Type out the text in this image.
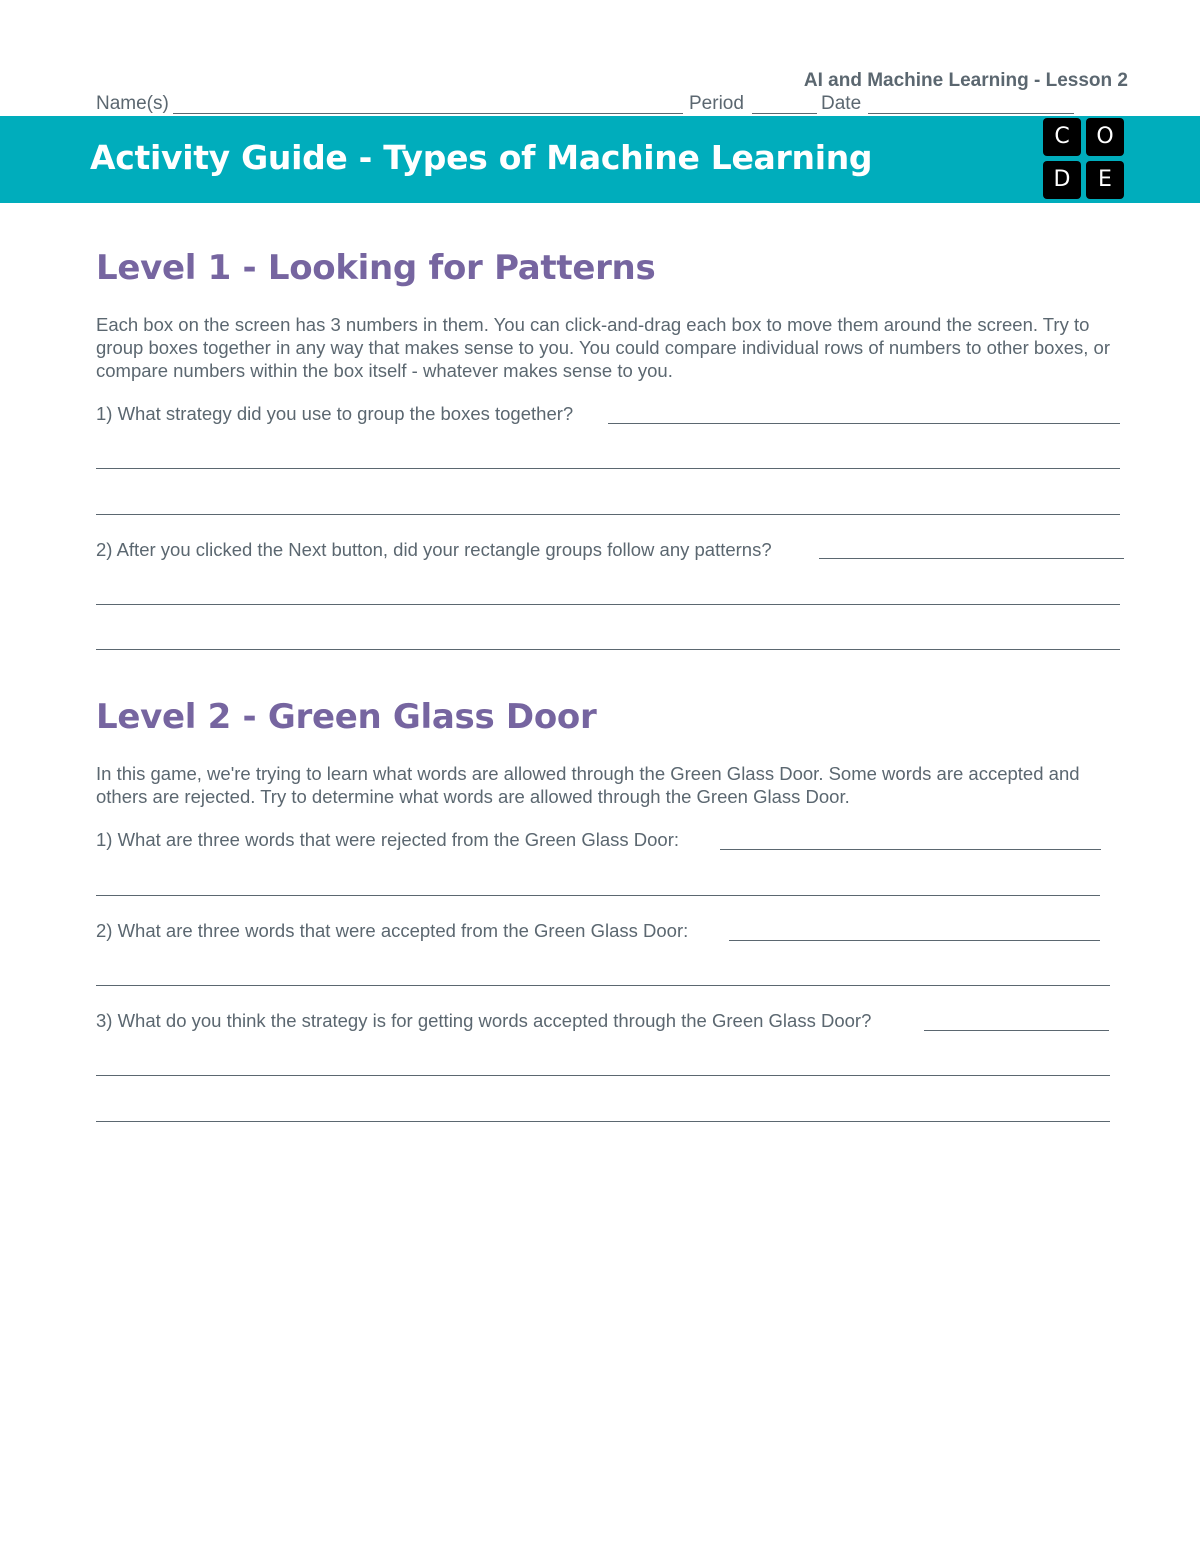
AI and Machine Learning - Lesson 2
Name(s)	Period	Date
Activity Guide - Types of Machine Learning
C	O
D	E
Level 1 - Looking for Patterns
Each box on the screen has 3 numbers in them. You can click-and-drag each box to move them around the screen. Try to group boxes together in any way that makes sense to you. You could compare individual rows of numbers to other boxes, or compare numbers within the box itself - whatever makes sense to you.
1) What strategy did you use to group the boxes together?
2) After you clicked the Next button, did your rectangle groups follow any patterns?
Level 2 - Green Glass Door
In this game, we're trying to learn what words are allowed through the Green Glass Door. Some words are accepted and others are rejected. Try to determine what words are allowed through the Green Glass Door.
1) What are three words that were rejected from the Green Glass Door:
2) What are three words that were accepted from the Green Glass Door:
3) What do you think the strategy is for getting words accepted through the Green Glass Door?
